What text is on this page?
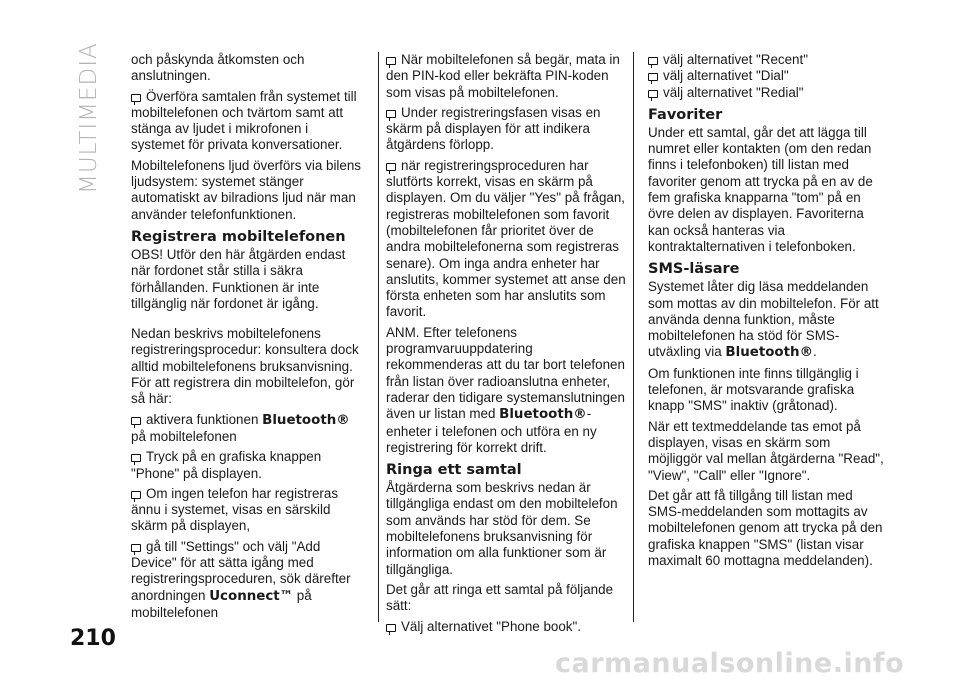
MULTIMEDIA
210

och påskynda åtkomsten och anslutningen.

Överföra samtalen från systemet till mobiltelefonen och tvärtom samt att stänga av ljudet i mikrofonen i systemet för privata konversationer.

Mobiltelefonens ljud överförs via bilens ljudsystem: systemet stänger automatiskt av bilradions ljud när man använder telefonfunktionen.

Registrera mobiltelefonen

OBS! Utför den här åtgärden endast när fordonet står stilla i säkra förhållanden. Funktionen är inte tillgänglig när fordonet är igång.

Nedan beskrivs mobiltelefonens registreringsprocedur: konsultera dock alltid mobiltelefonens bruksanvisning. För att registrera din mobiltelefon, gör så här:

aktivera funktionen Bluetooth® på mobiltelefonen

Tryck på en grafiska knappen "Phone" på displayen.

Om ingen telefon har registreras ännu i systemet, visas en särskild skärm på displayen,

gå till "Settings" och välj "Add Device" för att sätta igång med registreringsproceduren, sök därefter anordningen Uconnect™ på mobiltelefonen

När mobiltelefonen så begär, mata in den PIN-kod eller bekräfta PIN-koden som visas på mobiltelefonen.

Under registreringsfasen visas en skärm på displayen för att indikera åtgärdens förlopp.

när registreringsproceduren har slutförts korrekt, visas en skärm på displayen. Om du väljer "Yes" på frågan, registreras mobiltelefonen som favorit (mobiltelefonen får prioritet över de andra mobiltelefonerna som registreras senare). Om inga andra enheter har anslutits, kommer systemet att anse den första enheten som har anslutits som favorit.

ANM. Efter telefonens programvaruuppdatering rekommenderas att du tar bort telefonen från listan över radioanslutna enheter, raderar den tidigare systemanslutningen även ur listan med Bluetooth®-enheter i telefonen och utföra en ny registrering för korrekt drift.

Ringa ett samtal

Åtgärderna som beskrivs nedan är tillgängliga endast om den mobiltelefon som används har stöd för dem. Se mobiltelefonens bruksanvisning för information om alla funktioner som är tillgängliga.

Det går att ringa ett samtal på följande sätt:

Välj alternativet "Phone book".

välj alternativet "Recent"

välj alternativet "Dial"

välj alternativet "Redial"

Favoriter

Under ett samtal, går det att lägga till numret eller kontakten (om den redan finns i telefonboken) till listan med favoriter genom att trycka på en av de fem grafiska knapparna "tom" på en övre delen av displayen. Favoriterna kan också hanteras via kontraktalternativen i telefonboken.

SMS-läsare

Systemet låter dig läsa meddelanden som mottas av din mobiltelefon. För att använda denna funktion, måste mobiltelefonen ha stöd för SMS-utväxling via Bluetooth®.

Om funktionen inte finns tillgänglig i telefonen, är motsvarande grafiska knapp "SMS" inaktiv (gråtonad).

När ett textmeddelande tas emot på displayen, visas en skärm som möjliggör val mellan åtgärderna "Read", "View", "Call" eller "Ignore".

Det går att få tillgång till listan med SMS-meddelanden som mottagits av mobiltelefonen genom att trycka på den grafiska knappen "SMS" (listan visar maximalt 60 mottagna meddelanden).

carmanualsonline.info
